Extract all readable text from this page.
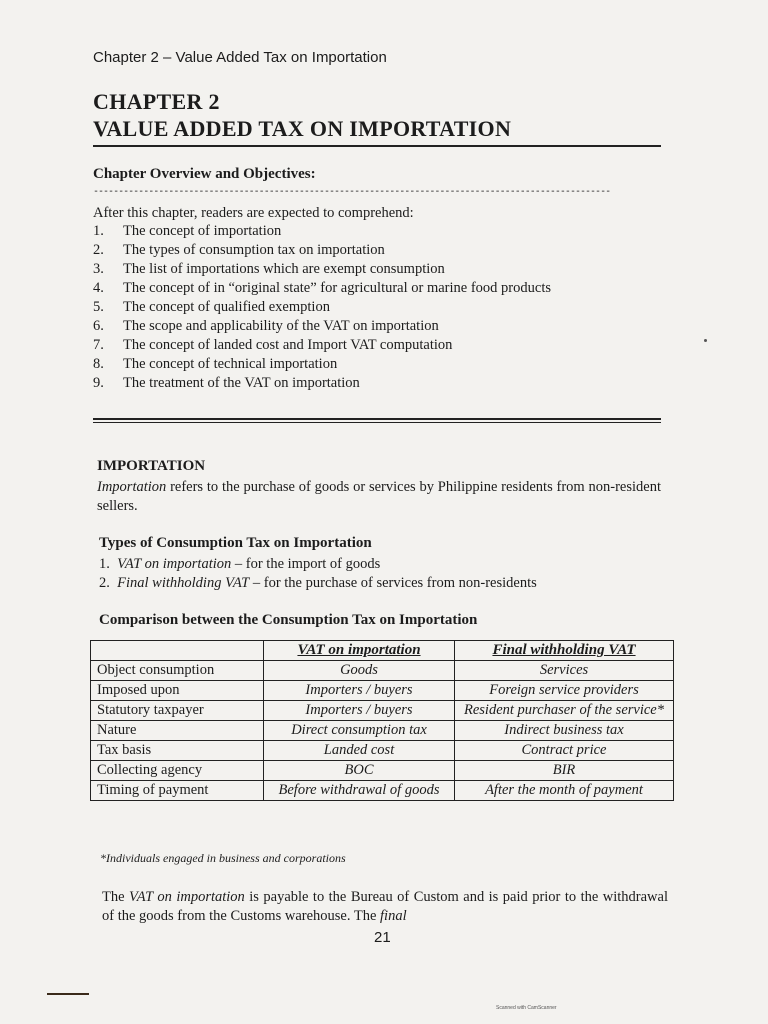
Chapter 2 – Value Added Tax on Importation
CHAPTER 2
VALUE ADDED TAX ON IMPORTATION
Chapter Overview and Objectives:
-------------------------------------------------------------------------------------------------------
After this chapter, readers are expected to comprehend:
1. The concept of importation
2. The types of consumption tax on importation
3. The list of importations which are exempt consumption
4. The concept of in “original state” for agricultural or marine food products
5. The concept of qualified exemption
6. The scope and applicability of the VAT on importation
7. The concept of landed cost and Import VAT computation
8. The concept of technical importation
9. The treatment of the VAT on importation
IMPORTATION
Importation refers to the purchase of goods or services by Philippine residents from non-resident sellers.
Types of Consumption Tax on Importation
1. VAT on importation – for the import of goods
2. Final withholding VAT – for the purchase of services from non-residents
Comparison between the Consumption Tax on Importation
	VAT on importation	Final withholding VAT
Object consumption	Goods	Services
Imposed upon	Importers / buyers	Foreign service providers
Statutory taxpayer	Importers / buyers	Resident purchaser of the service*
Nature	Direct consumption tax	Indirect business tax
Tax basis	Landed cost	Contract price
Collecting agency	BOC	BIR
Timing of payment	Before withdrawal of goods	After the month of payment
*Individuals engaged in business and corporations
The VAT on importation is payable to the Bureau of Custom and is paid prior to the withdrawal of the goods from the Customs warehouse. The final
21
Scanned with CamScanner
